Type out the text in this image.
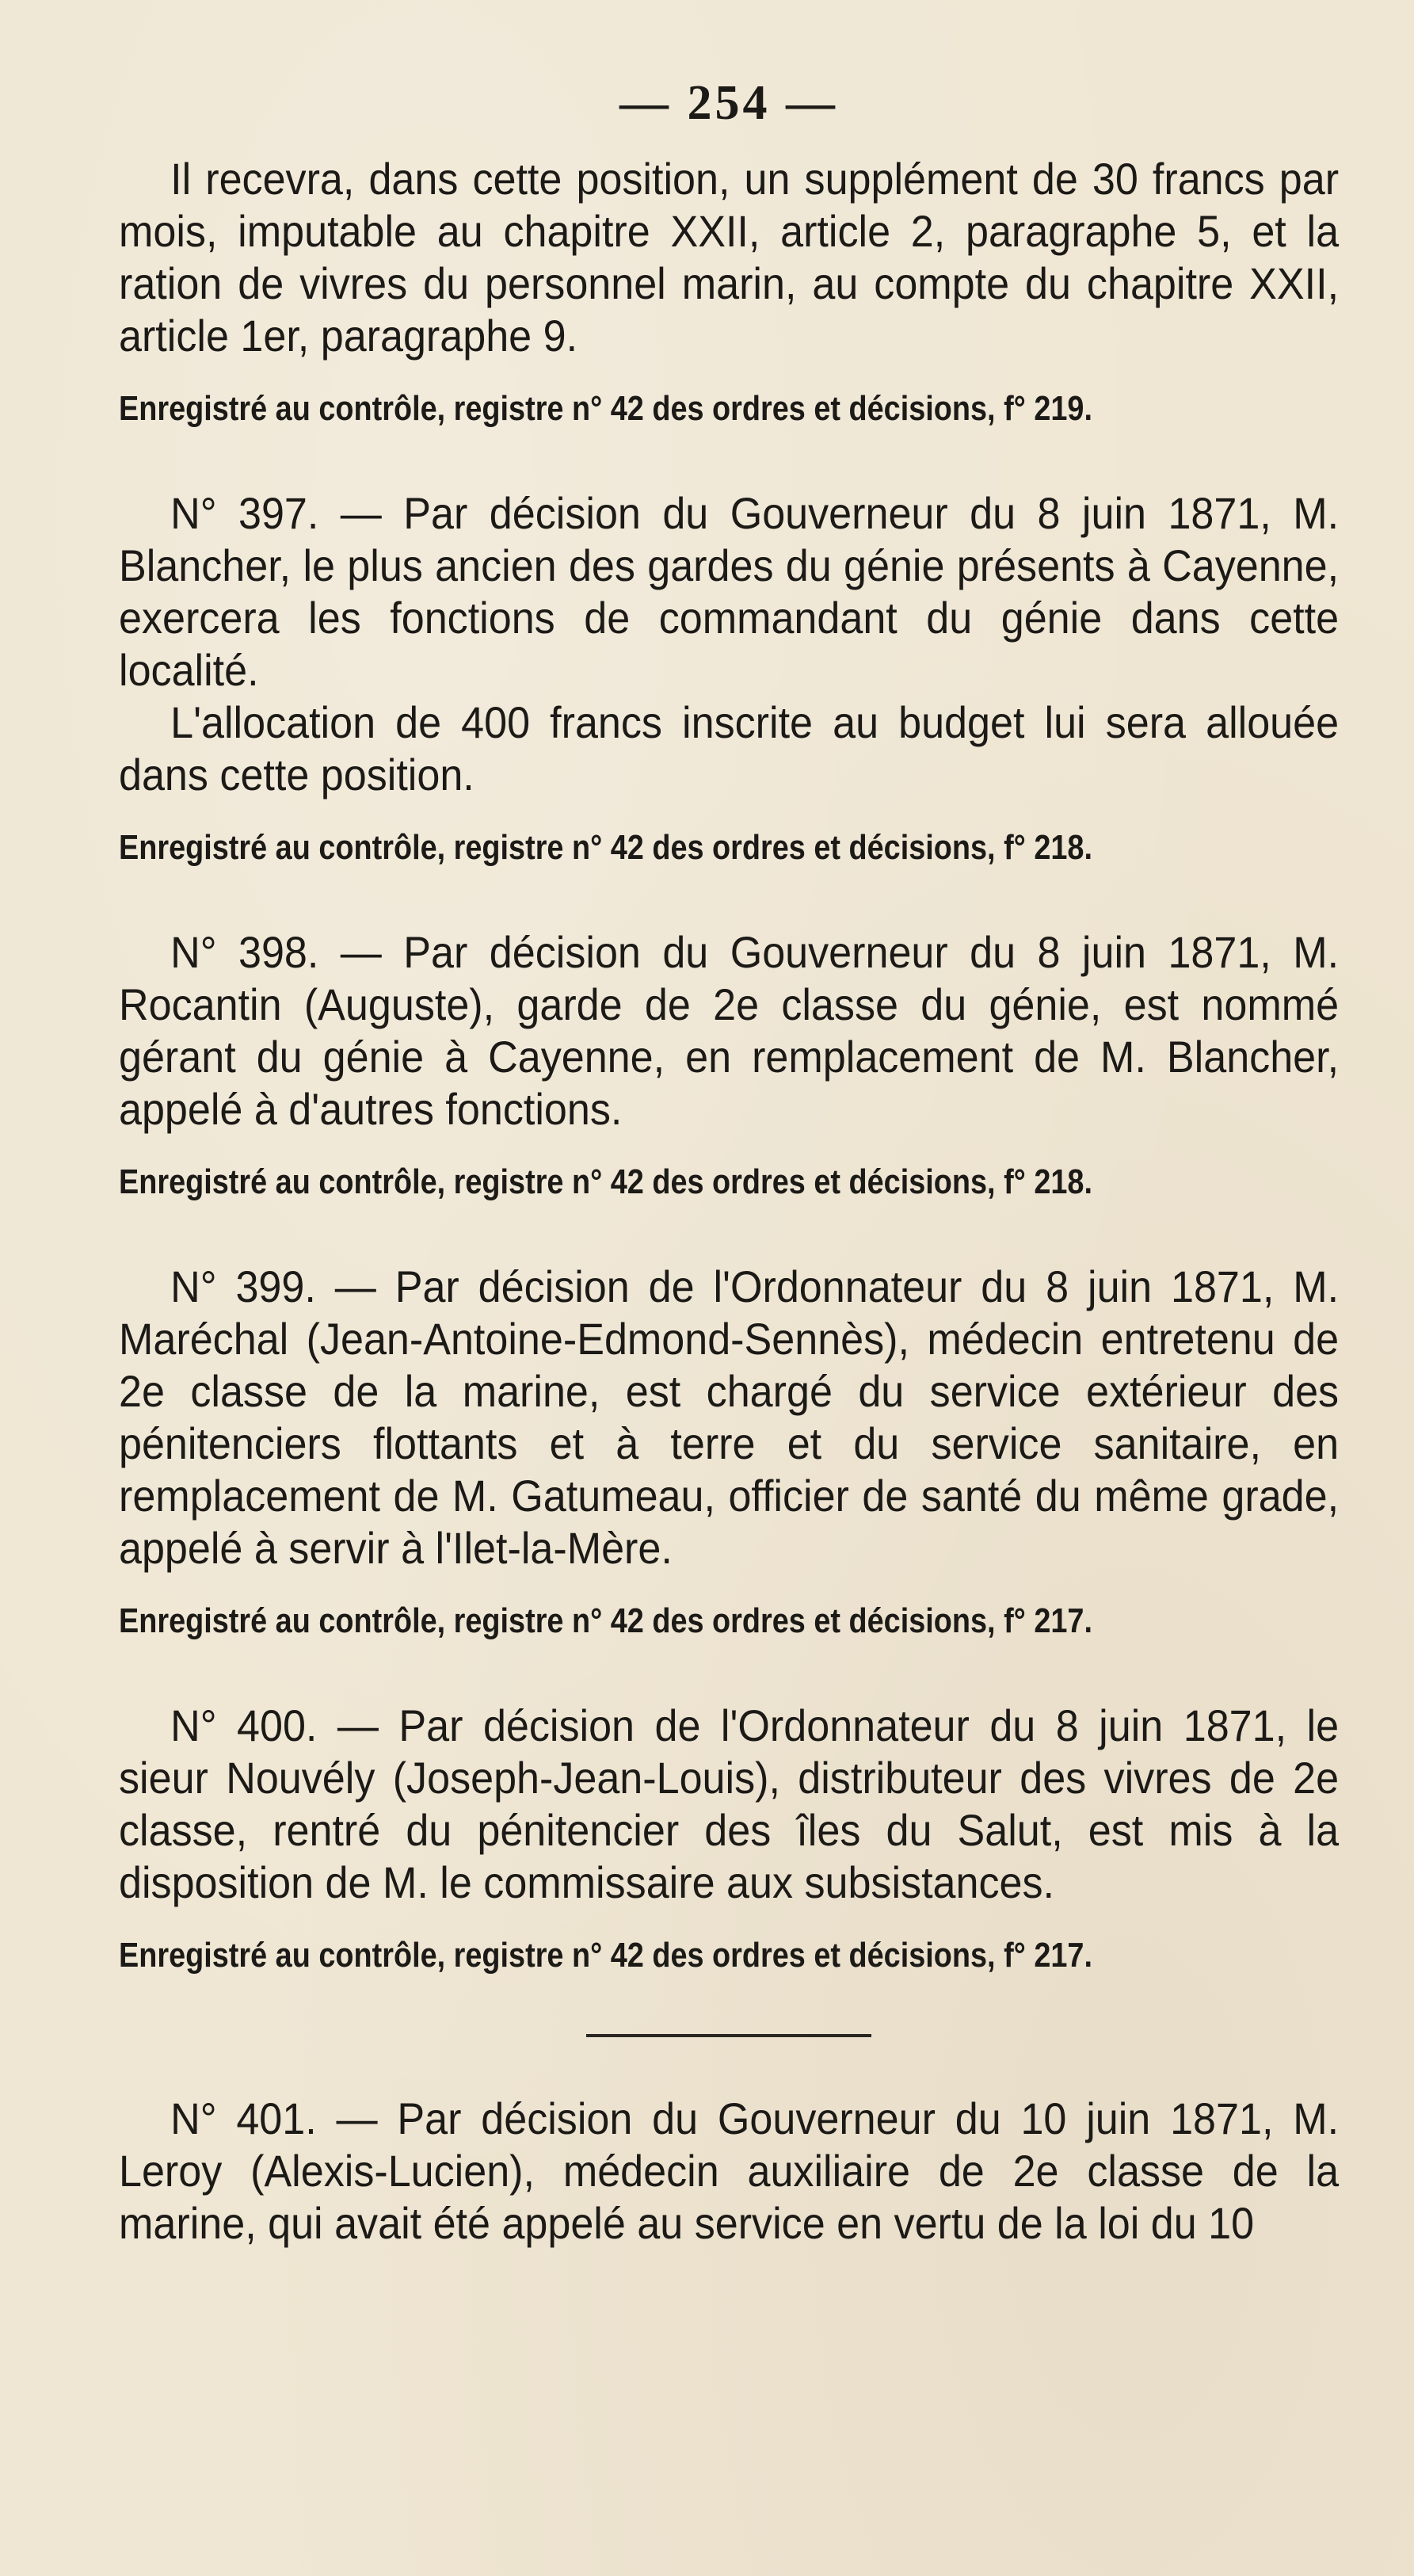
— 254 —

Il recevra, dans cette position, un supplément de 30 francs par mois, imputable au chapitre XXII, article 2, paragraphe 5, et la ration de vivres du personnel marin, au compte du chapitre XXII, article 1er, paragraphe 9.

Enregistré au contrôle, registre n° 42 des ordres et décisions, f° 219.

N° 397. — Par décision du Gouverneur du 8 juin 1871, M. Blancher, le plus ancien des gardes du génie présents à Cayenne, exercera les fonctions de commandant du génie dans cette localité.

L'allocation de 400 francs inscrite au budget lui sera allouée dans cette position.

Enregistré au contrôle, registre n° 42 des ordres et décisions, f° 218.

N° 398. — Par décision du Gouverneur du 8 juin 1871, M. Rocantin (Auguste), garde de 2e classe du génie, est nommé gérant du génie à Cayenne, en remplacement de M. Blancher, appelé à d'autres fonctions.

Enregistré au contrôle, registre n° 42 des ordres et décisions, f° 218.

N° 399. — Par décision de l'Ordonnateur du 8 juin 1871, M. Maréchal (Jean-Antoine-Edmond-Sennès), médecin entretenu de 2e classe de la marine, est chargé du service extérieur des pénitenciers flottants et à terre et du service sanitaire, en remplacement de M. Gatumeau, officier de santé du même grade, appelé à servir à l'Ilet-la-Mère.

Enregistré au contrôle, registre n° 42 des ordres et décisions, f° 217.

N° 400. — Par décision de l'Ordonnateur du 8 juin 1871, le sieur Nouvély (Joseph-Jean-Louis), distributeur des vivres de 2e classe, rentré du pénitencier des îles du Salut, est mis à la disposition de M. le commissaire aux subsistances.

Enregistré au contrôle, registre n° 42 des ordres et décisions, f° 217.

N° 401. — Par décision du Gouverneur du 10 juin 1871, M. Leroy (Alexis-Lucien), médecin auxiliaire de 2e classe de la marine, qui avait été appelé au service en vertu de la loi du 10
